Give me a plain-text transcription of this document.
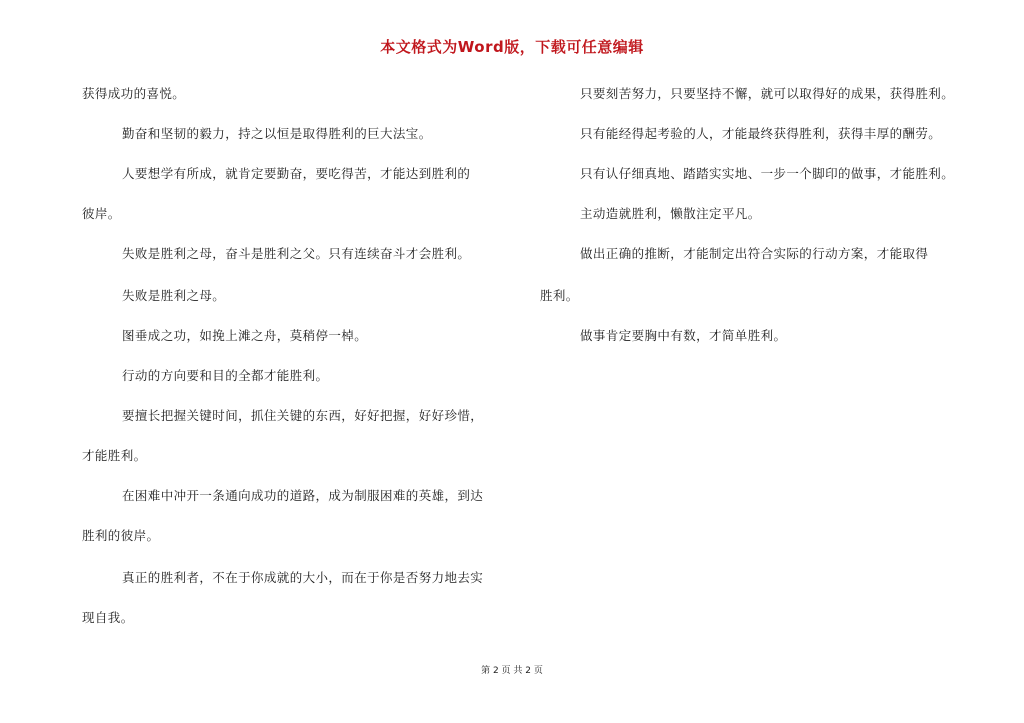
本文格式为Word版，下载可任意编辑
获得成功的喜悦。
勤奋和坚韧的毅力，持之以恒是取得胜利的巨大法宝。
人要想学有所成，就肯定要勤奋，要吃得苦，才能达到胜利的
彼岸。
失败是胜利之母，奋斗是胜利之父。只有连续奋斗才会胜利。
失败是胜利之母。
图垂成之功，如挽上滩之舟，莫稍停一棹。
行动的方向要和目的全都才能胜利。
要擅长把握关键时间，抓住关键的东西，好好把握，好好珍惜，
才能胜利。
在困难中冲开一条通向成功的道路，成为制服困难的英雄，到达
胜利的彼岸。
真正的胜利者，不在于你成就的大小，而在于你是否努力地去实
现自我。
只要刻苦努力，只要坚持不懈，就可以取得好的成果，获得胜利。
只有能经得起考验的人，才能最终获得胜利，获得丰厚的酬劳。
只有认仔细真地、踏踏实实地、一步一个脚印的做事，才能胜利。
主动造就胜利，懒散注定平凡。
做出正确的推断，才能制定出符合实际的行动方案，才能取得
胜利。
做事肯定要胸中有数，才简单胜利。
第 2 页 共 2 页
